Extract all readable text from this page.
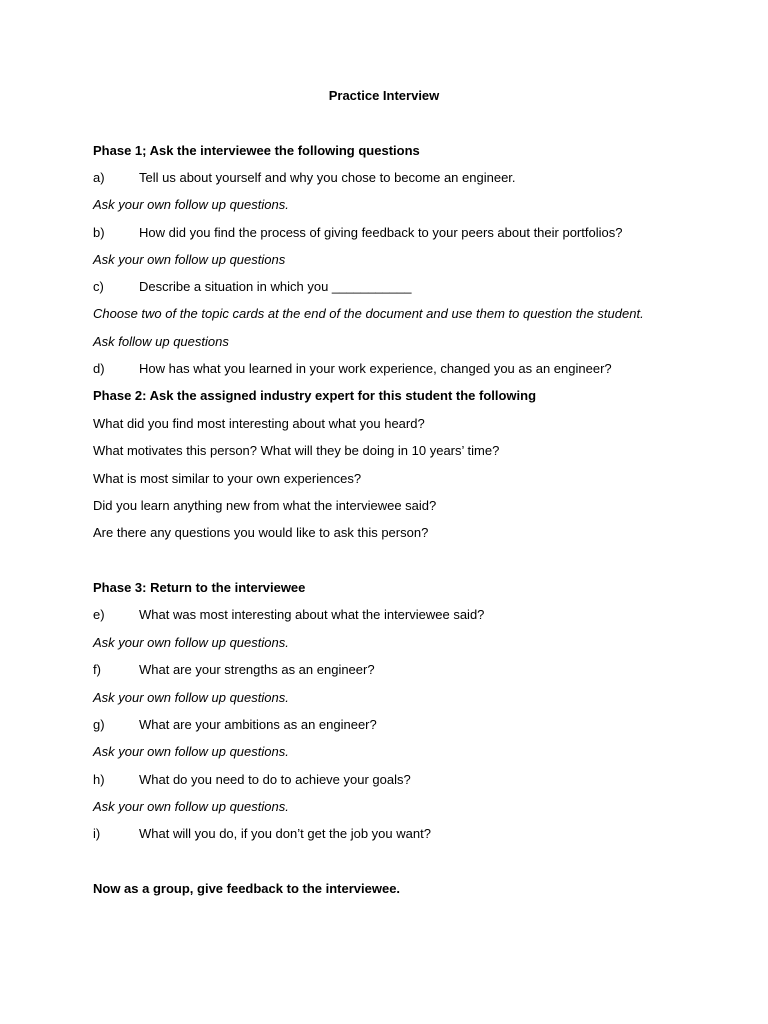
Practice Interview
Phase 1; Ask the interviewee the following questions
a)	Tell us about yourself and why you chose to become an engineer.
Ask your own follow up questions.
b)	How did you find the process of giving feedback to your peers about their portfolios?
Ask your own follow up questions
c)	Describe a situation in which you ___________
Choose two of the topic cards at the end of the document and use them to question the student.
Ask follow up questions
d)	How has what you learned in your work experience, changed you as an engineer?
Phase 2: Ask the assigned industry expert for this student the following
What did you find most interesting about what you heard?
What motivates this person? What will they be doing in 10 years’ time?
What is most similar to your own experiences?
Did you learn anything new from what the interviewee said?
Are there any questions you would like to ask this person?
Phase 3: Return to the interviewee
e)	What was most interesting about what the interviewee said?
Ask your own follow up questions.
f)	What are your strengths as an engineer?
Ask your own follow up questions.
g)	What are your ambitions as an engineer?
Ask your own follow up questions.
h)	What do you need to do to achieve your goals?
Ask your own follow up questions.
i)	What will you do, if you don’t get the job you want?
Now as a group, give feedback to the interviewee.
